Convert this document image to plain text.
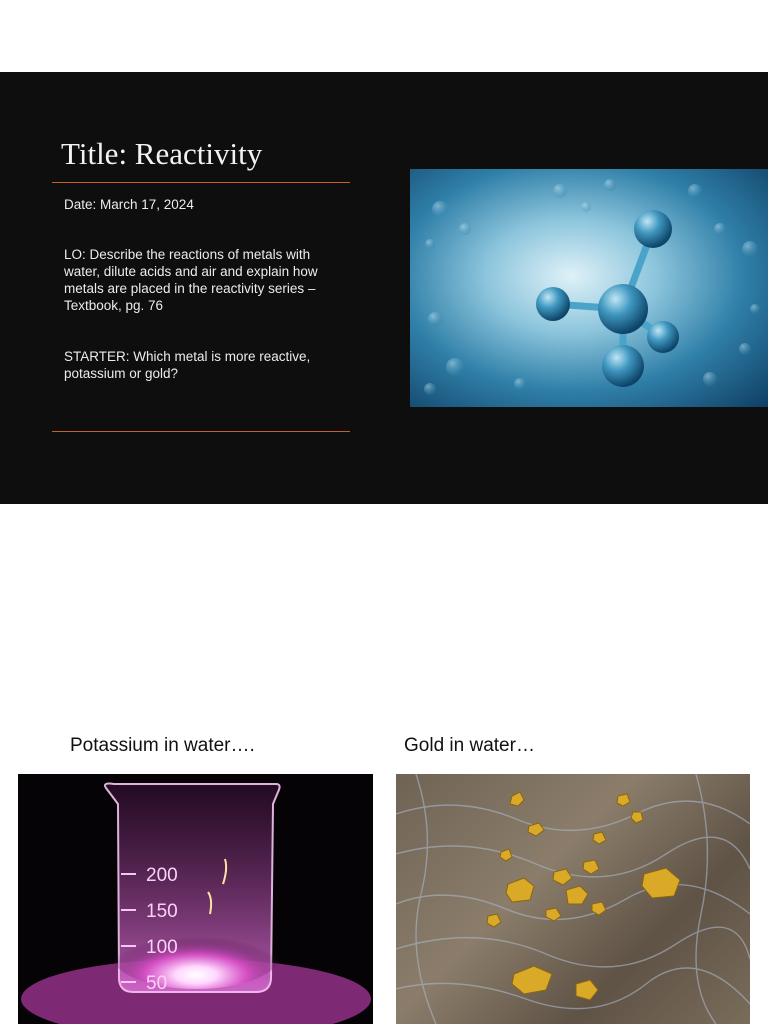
Title: Reactivity

Date: March 17, 2024

LO: Describe the reactions of metals with water, dilute acids and air and explain how metals are placed in the reactivity series – Textbook, pg. 76

STARTER: Which metal is more reactive, potassium or gold?

Potassium in water….	Gold in water…

200
150
100
50
